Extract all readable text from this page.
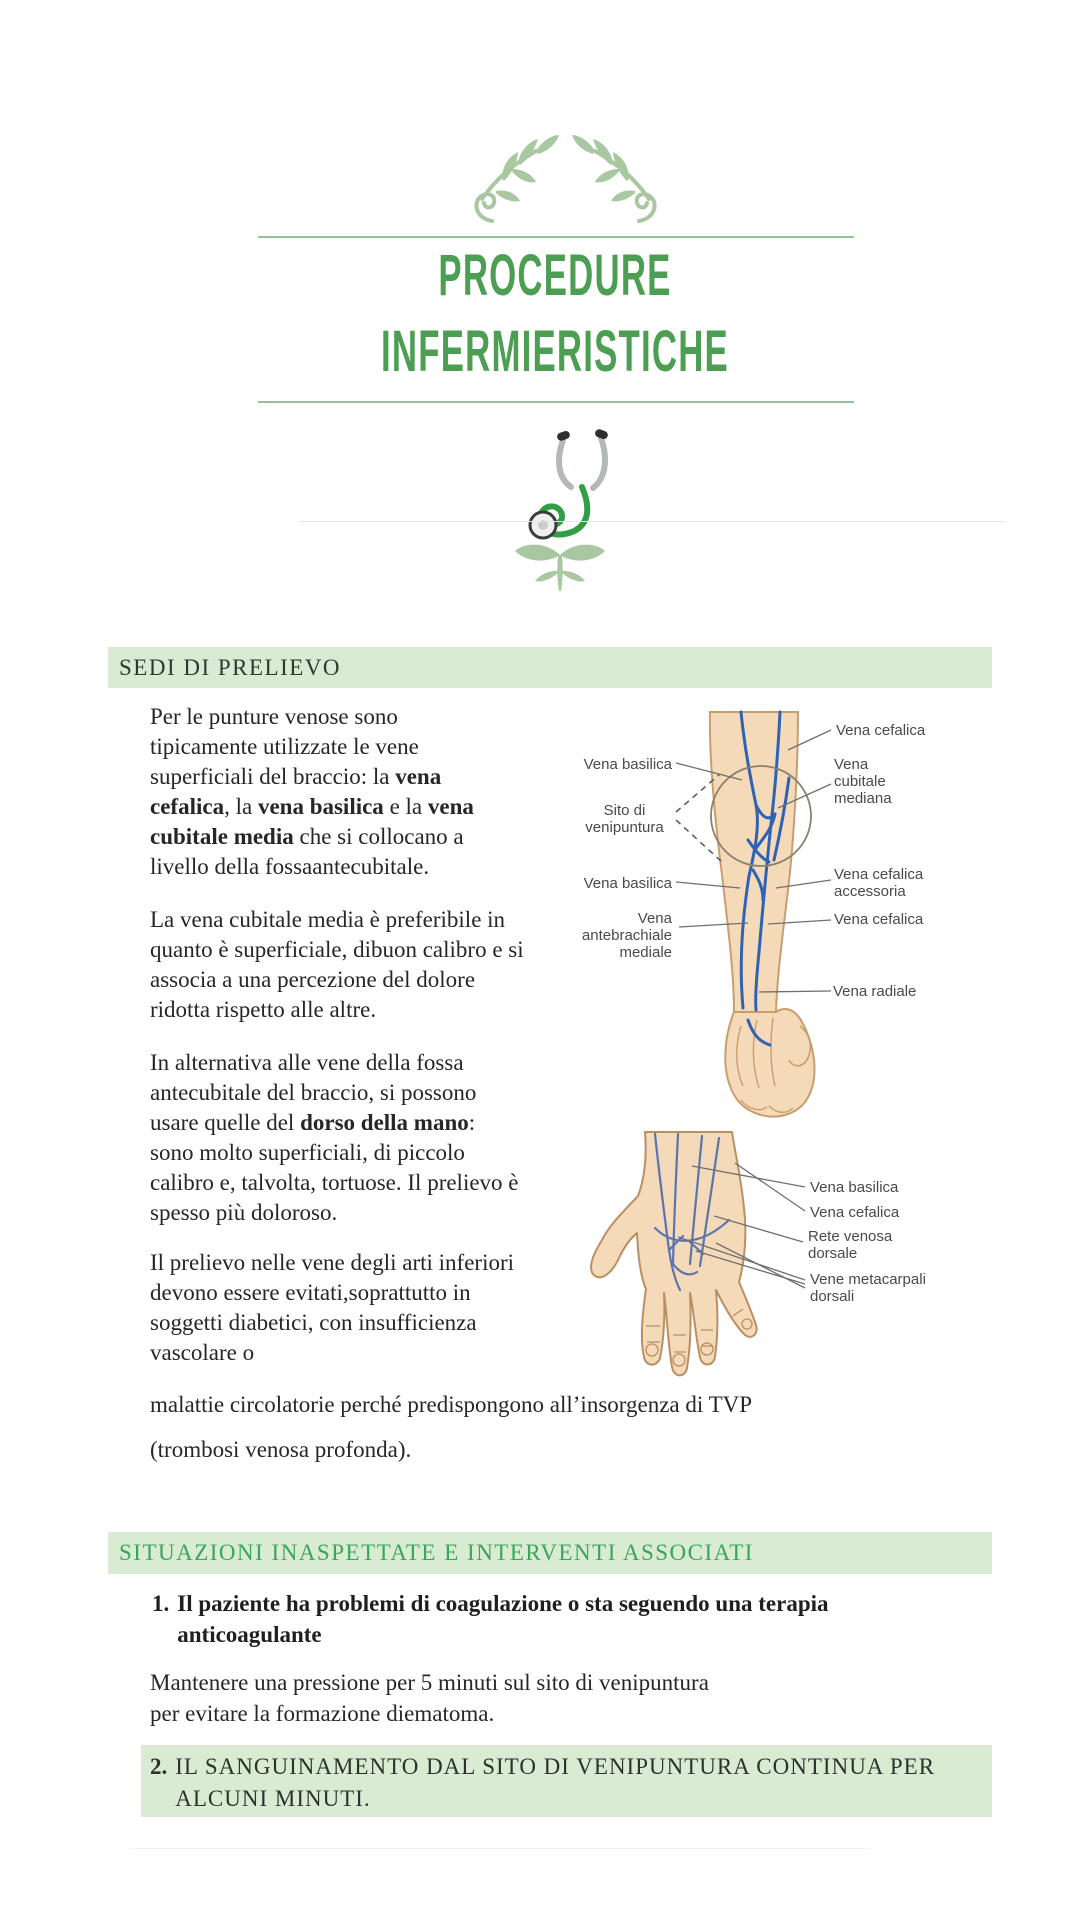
PROCEDURE
INFERMIERISTICHE
SEDI DI PRELIEVO
Per le punture venose sono
tipicamente utilizzate le vene
superficiali del braccio: la vena
cefalica, la vena basilica e la vena
cubitale media che si collocano a
livello della fossaantecubitale.
La vena cubitale media è preferibile in
quanto è superficiale, dibuon calibro e si
associa a una percezione del dolore
ridotta rispetto alle altre.
In alternativa alle vene della fossa
antecubitale del braccio, si possono
usare quelle del dorso della mano:
sono molto superficiali, di piccolo
calibro e, talvolta, tortuose. Il prelievo è
spesso più doloroso.
Il prelievo nelle vene degli arti inferiori
devono essere evitati,soprattutto in
soggetti diabetici, con insufficienza
vascolare o
malattie circolatorie perché predispongono all’insorgenza di TVP
(trombosi venosa profonda).
Vena cefalica
Vena basilica	Vena cubitale mediana
Sito di venipuntura
Vena basilica
Vena cefalica accessoria
Vena antebrachiale mediale
Vena cefalica
Vena radiale
Vena basilica
Vena cefalica
Rete venosa dorsale
Vene metacarpali dorsali
SITUAZIONI INASPETTATE E INTERVENTI ASSOCIATI
1. Il paziente ha problemi di coagulazione o sta seguendo una terapia
anticoagulante
Mantenere una pressione per 5 minuti sul sito di venipuntura
per evitare la formazione diematoma.
2. IL SANGUINAMENTO DAL SITO DI VENIPUNTURA CONTINUA PER
ALCUNI MINUTI.
